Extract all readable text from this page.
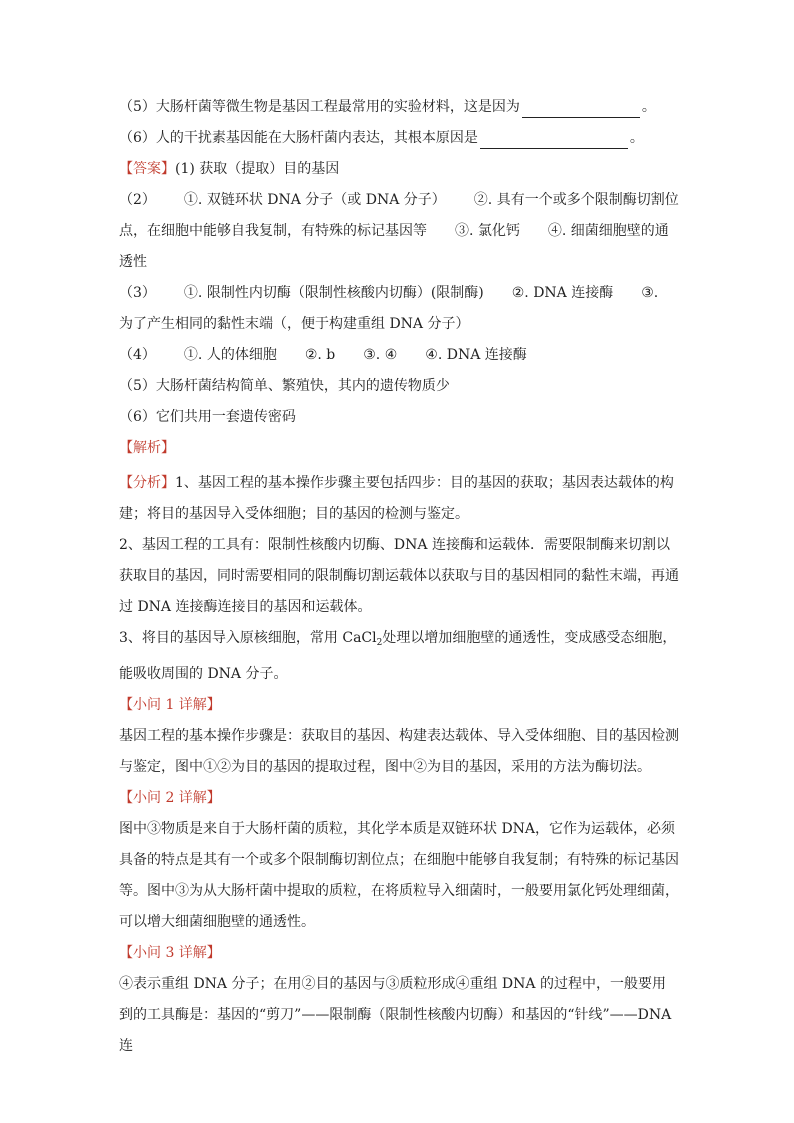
（5）大肠杆菌等微生物是基因工程最常用的实验材料，这是因为	。
（6）人的干扰素基因能在大肠杆菌内表达，其根本原因是	。
【答案】(1) 获取（提取）目的基因
（2） ①. 双链环状 DNA 分子（或 DNA 分子） ②. 具有一个或多个限制酶切割位
点，在细胞中能够自我复制，有特殊的标记基因等 ③. 氯化钙 ④. 细菌细胞壁的通
透性
（3） ①. 限制性内切酶（限制性核酸内切酶）(限制酶) ②. DNA 连接酶 ③.
为了产生相同的黏性末端（，便于构建重组 DNA 分子）
（4） ①. 人的体细胞 ②. b ③. ④ ④. DNA 连接酶
（5）大肠杆菌结构简单、繁殖快，其内的遗传物质少
（6）它们共用一套遗传密码
【解析】

【分析】1、基因工程的基本操作步骤主要包括四步：目的基因的获取；基因表达载体的构建；将目的基因导入受体细胞；目的基因的检测与鉴定。

2、基因工程的工具有：限制性核酸内切酶、DNA 连接酶和运载体．需要限制酶来切割以获取目的基因，同时需要相同的限制酶切割运载体以获取与目的基因相同的黏性末端，再通过 DNA 连接酶连接目的基因和运载体。

3、将目的基因导入原核细胞，常用 CaCl$_2$处理以增加细胞壁的通透性，变成感受态细胞，能吸收周围的 DNA 分子。

【小问 1 详解】

基因工程的基本操作步骤是：获取目的基因、构建表达载体、导入受体细胞、目的基因检测与鉴定，图中①②为目的基因的提取过程，图中②为目的基因，采用的方法为酶切法。

【小问 2 详解】

图中③物质是来自于大肠杆菌的质粒，其化学本质是双链环状 DNA，它作为运载体，必须具备的特点是其有一个或多个限制酶切割位点；在细胞中能够自我复制；有特殊的标记基因等。图中③为从大肠杆菌中提取的质粒，在将质粒导入细菌时，一般要用氯化钙处理细菌，可以增大细菌细胞壁的通透性。

【小问 3 详解】

④表示重组 DNA 分子；在用②目的基因与③质粒形成④重组 DNA 的过程中，一般要用到的工具酶是：基因的“剪刀”——限制酶（限制性核酸内切酶）和基因的“针线”——DNA 连
